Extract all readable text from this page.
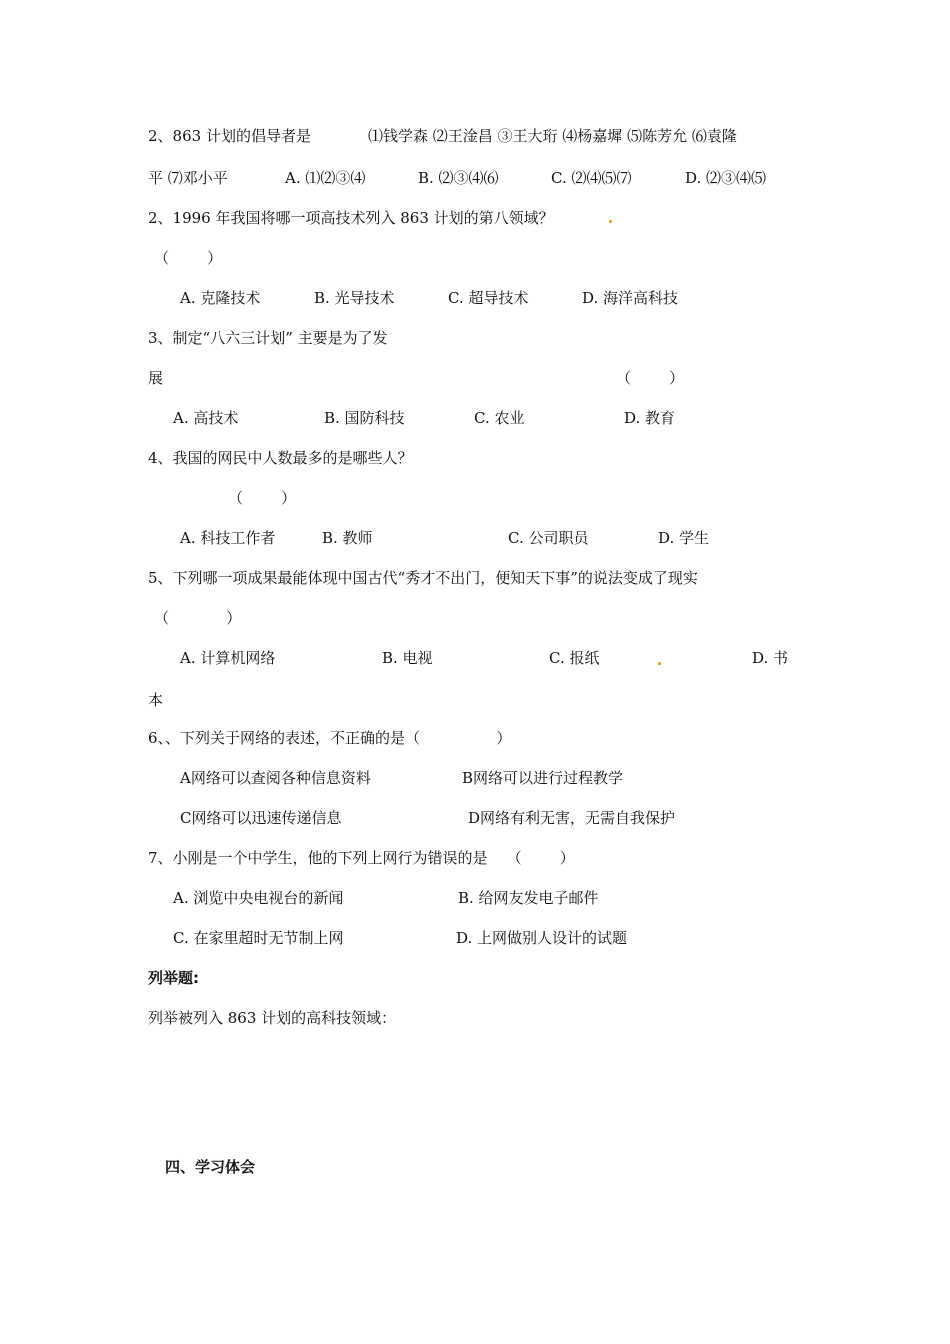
2、863 计划的倡导者是	⑴钱学森 ⑵王淦昌 ③王大珩 ⑷杨嘉墀 ⑸陈芳允 ⑹袁隆
平 ⑺邓小平	A. ⑴⑵③⑷	B. ⑵③⑷⑹	C. ⑵⑷⑸⑺	D. ⑵③⑷⑸
2、1996 年我国将哪一项高技术列入 863 计划的第八领域？
（        ）
A. 克隆技术	B. 光导技术	C. 超导技术	D. 海洋高科技
3、制定“八六三计划” 主要是为了发
展	（        ）
A. 高技术	B. 国防科技	C. 农业	D. 教育
4、我国的网民中人数最多的是哪些人？
（        ）
A. 科技工作者	B. 教师	C. 公司职员	D. 学生
5、下列哪一项成果最能体现中国古代“秀才不出门，便知天下事”的说法变成了现实
（            ）
A. 计算机网络	B. 电视	C. 报纸	D. 书
本
6、、下列关于网络的表述，不正确的是（                ）
A网络可以查阅各种信息资料	B网络可以进行过程教学
C网络可以迅速传递信息	D网络有利无害，无需自我保护
7、小刚是一个中学生，他的下列上网行为错误的是    （        ）
A. 浏览中央电视台的新闻	B. 给网友发电子邮件
C. 在家里超时无节制上网	D. 上网做别人设计的试题
列举题:
列举被列入 863 计划的高科技领域：
四、学习体会
